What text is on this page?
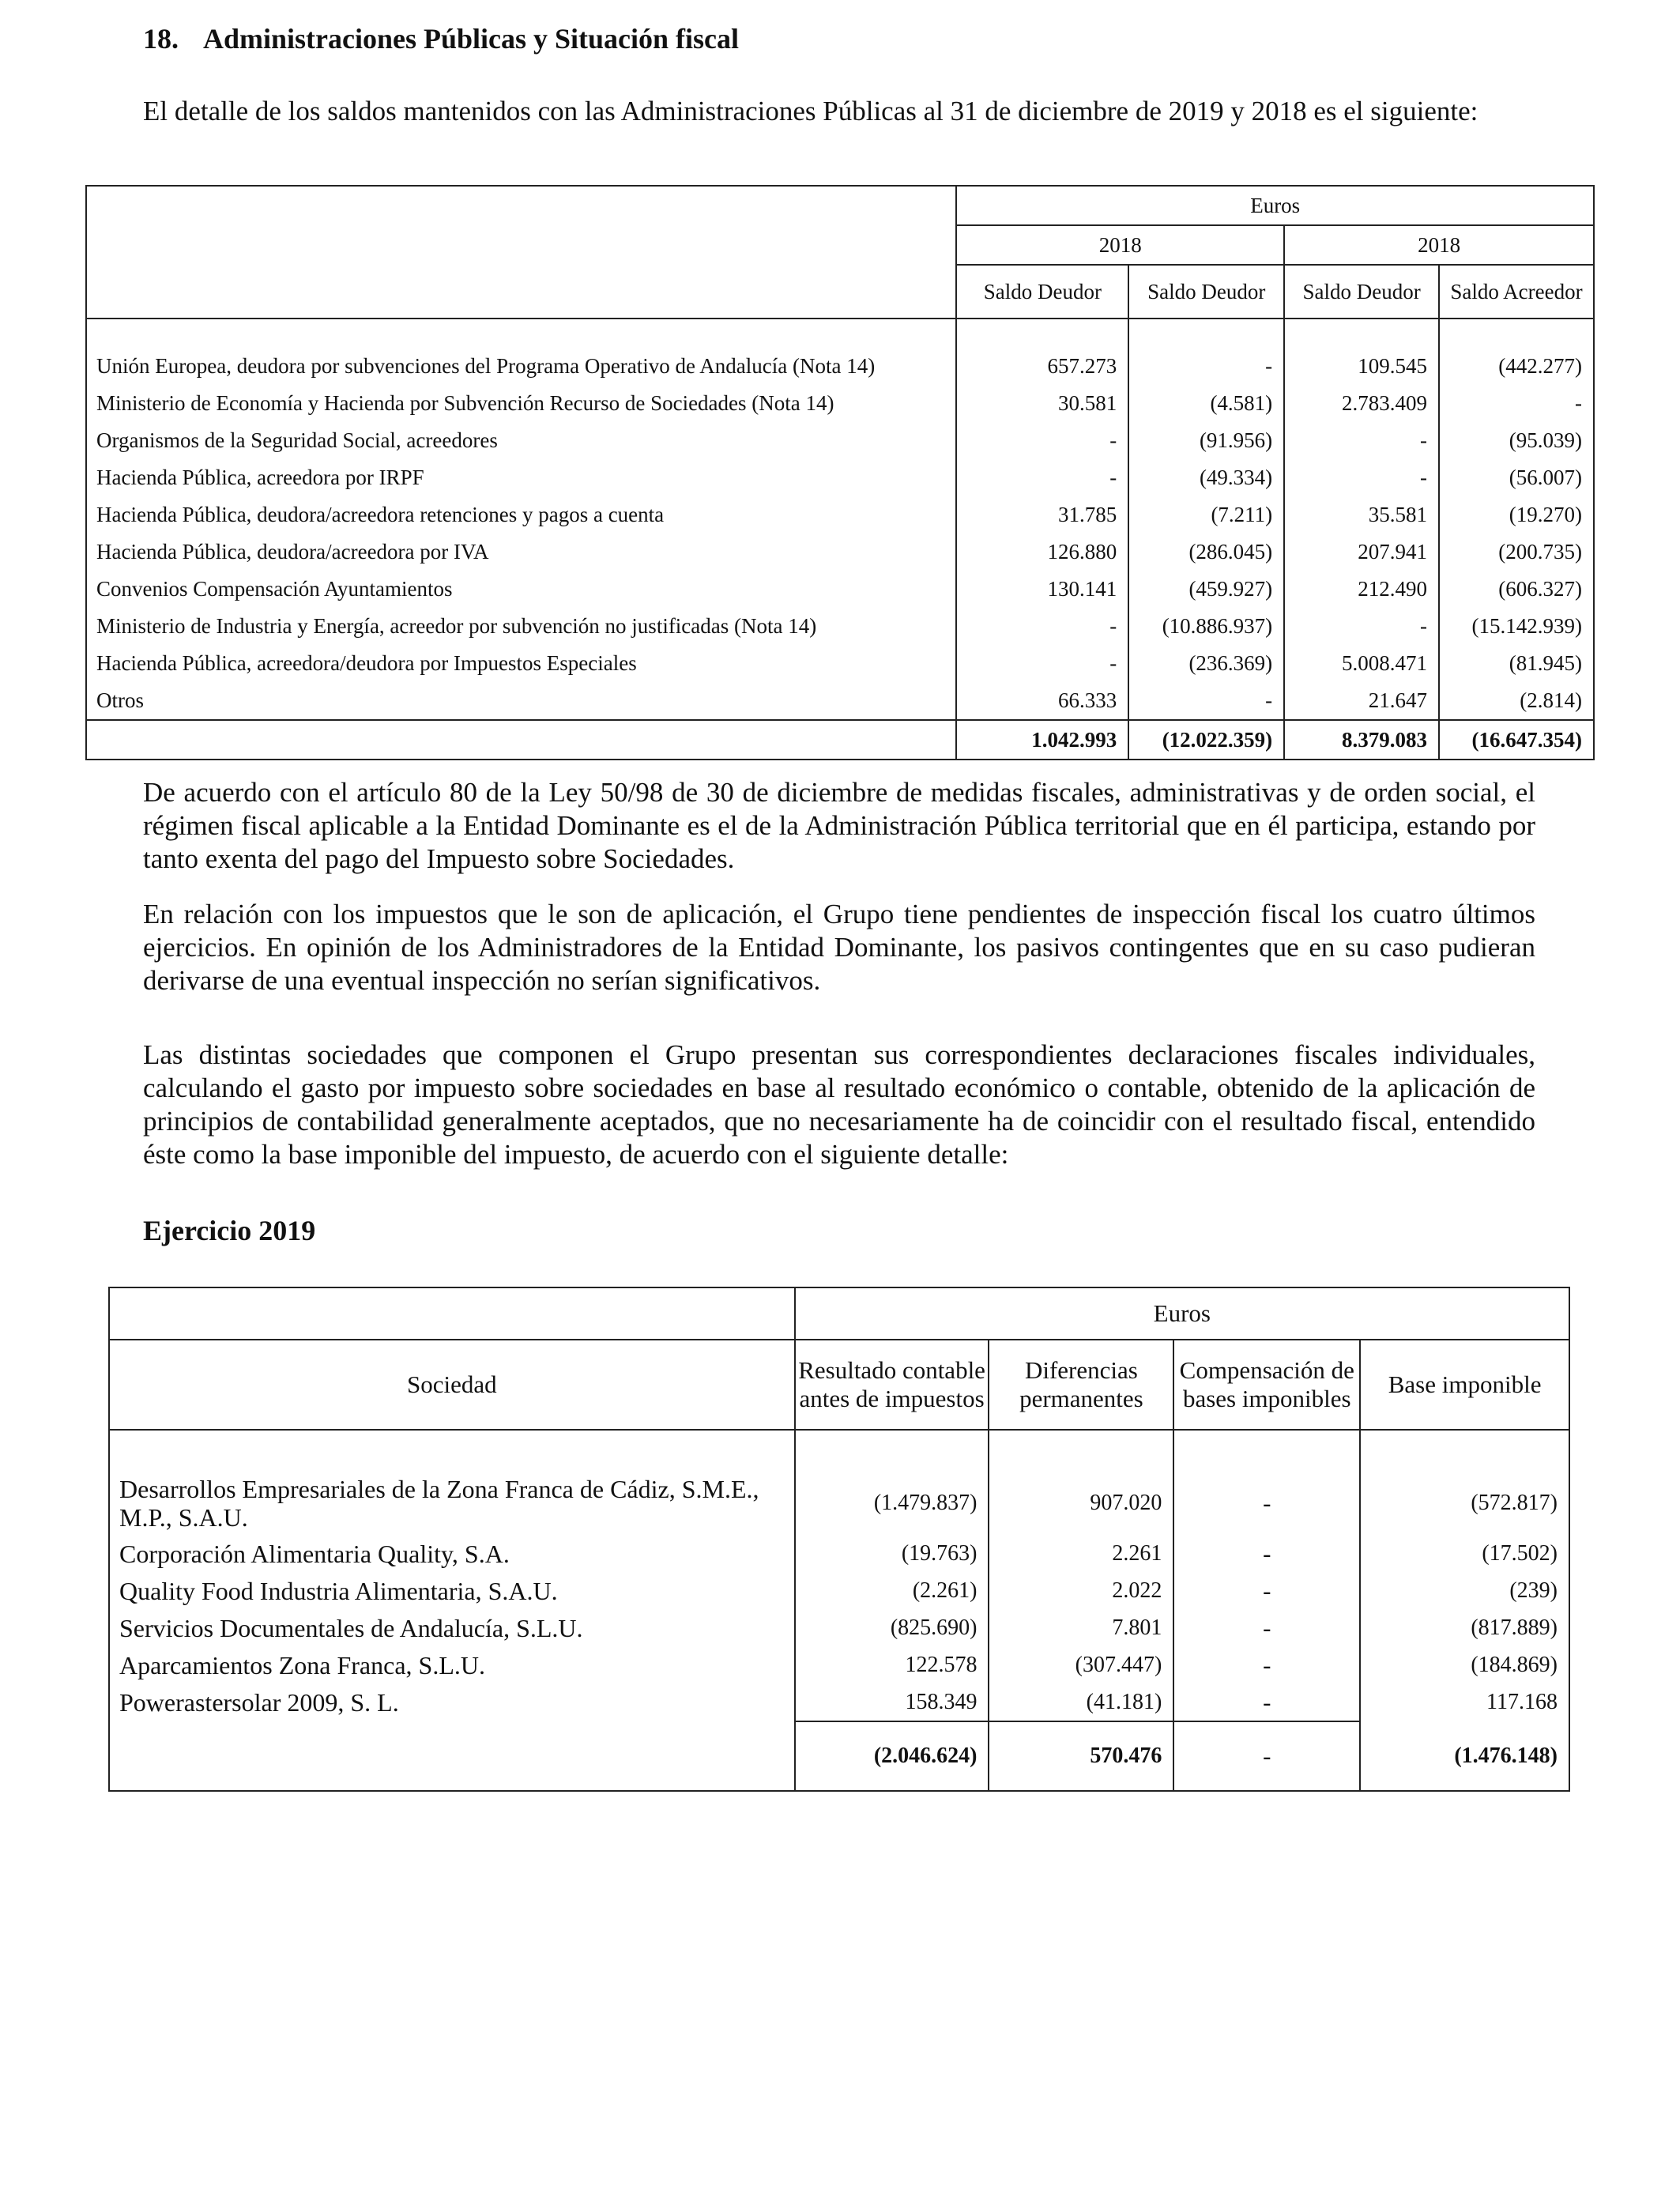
18. Administraciones Públicas y Situación fiscal

El detalle de los saldos mantenidos con las Administraciones Públicas al 31 de diciembre de 2019 y 2018 es el siguiente:

	Euros			
	2018		2018	
	Saldo Deudor	Saldo Deudor	Saldo Deudor	Saldo Acreedor

Unión Europea, deudora por subvenciones del Programa Operativo de Andalucía (Nota 14)	657.273	-	109.545	(442.277)
Ministerio de Economía y Hacienda por Subvención Recurso de Sociedades (Nota 14)	30.581	(4.581)	2.783.409	-
Organismos de la Seguridad Social, acreedores	-	(91.956)	-	(95.039)
Hacienda Pública, acreedora por IRPF	-	(49.334)	-	(56.007)
Hacienda Pública, deudora/acreedora retenciones y pagos a cuenta	31.785	(7.211)	35.581	(19.270)
Hacienda Pública, deudora/acreedora por IVA	126.880	(286.045)	207.941	(200.735)
Convenios Compensación Ayuntamientos	130.141	(459.927)	212.490	(606.327)
Ministerio de Industria y Energía, acreedor por subvención no justificadas (Nota 14)	-	(10.886.937)	-	(15.142.939)
Hacienda Pública, acreedora/deudora por Impuestos Especiales	-	(236.369)	5.008.471	(81.945)
Otros	66.333	-	21.647	(2.814)
	1.042.993	(12.022.359)	8.379.083	(16.647.354)

De acuerdo con el artículo 80 de la Ley 50/98 de 30 de diciembre de medidas fiscales, administrativas y de orden social, el régimen fiscal aplicable a la Entidad Dominante es el de la Administración Pública territorial que en él participa, estando por tanto exenta del pago del Impuesto sobre Sociedades.

En relación con los impuestos que le son de aplicación, el Grupo tiene pendientes de inspección fiscal los cuatro últimos ejercicios. En opinión de los Administradores de la Entidad Dominante, los pasivos contingentes que en su caso pudieran derivarse de una eventual inspección no serían significativos.

Las distintas sociedades que componen el Grupo presentan sus correspondientes declaraciones fiscales individuales, calculando el gasto por impuesto sobre sociedades en base al resultado económico o contable, obtenido de la aplicación de principios de contabilidad generalmente aceptados, que no necesariamente ha de coincidir con el resultado fiscal, entendido éste como la base imponible del impuesto, de acuerdo con el siguiente detalle:

Ejercicio 2019
	Euros			
Sociedad	Resultado contable antes de impuestos	Diferencias permanentes	Compensación de bases imponibles	Base imponible

Desarrollos Empresariales de la Zona Franca de Cádiz, S.M.E., M.P., S.A.U.	(1.479.837)	907.020	-	(572.817)
Corporación Alimentaria Quality, S.A.	(19.763)	2.261	-	(17.502)
Quality Food Industria Alimentaria, S.A.U.	(2.261)	2.022	-	(239)
Servicios Documentales de Andalucía, S.L.U.	(825.690)	7.801	-	(817.889)
Aparcamientos Zona Franca, S.L.U.	122.578	(307.447)	-	(184.869)
Powerastersolar 2009, S. L.	158.349	(41.181)	-	117.168
	(2.046.624)	570.476	-	(1.476.148)
